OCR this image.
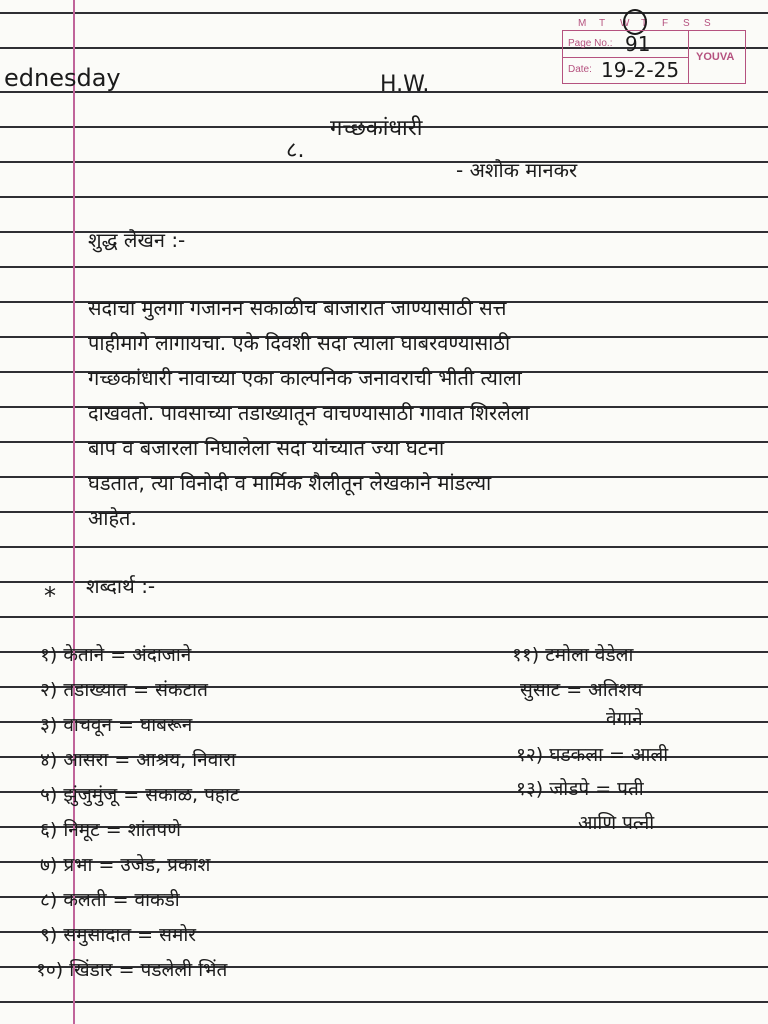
ednesday	H.W.
M T W T F S S
Page No.: 91
Date: 19-2-25
YOUVA
८.
गच्छकांधारी
- अशोक मानकर
शुद्ध लेखन :-
सदाचा मुलगा गजानन सकाळीच बाजारात जाण्यासाठी सत्त
पाहीमागे लागायचा. एके दिवशी सदा त्याला घाबरवण्यासाठी
गच्छकांधारी नावाच्या एका काल्पनिक जनावराची भीती त्याला
दाखवतो. पावसाच्या तडाख्यातून वाचण्यासाठी गावात शिरलेला
बाप व बजारला निघालेला सदा यांच्यात ज्या घटना
घडतात, त्या विनोदी व मार्मिक शैलीतून लेखकाने मांडल्या
आहेत.
* शब्दार्थ :-
१) केताने = अंदाजाने
२) तडाख्यात = संकटात
३) वाचवून = घाबरून
४) आसरा = आश्रय, निवारा
५) झुंजुमुंजू = सकाळ, पहाट
६) निमूट = शांतपणे
७) प्रभा = उजेड, प्रकाश
८) कलती = वाकडी
९) समुसादात = समोर
१०) खिंडार = पडलेली भिंत
११) टमोला वेडेला
सुसाट = अतिशय
वेगाने
१२) घडकला = आली
१३) जोडपे = पती
आणि पत्नी
